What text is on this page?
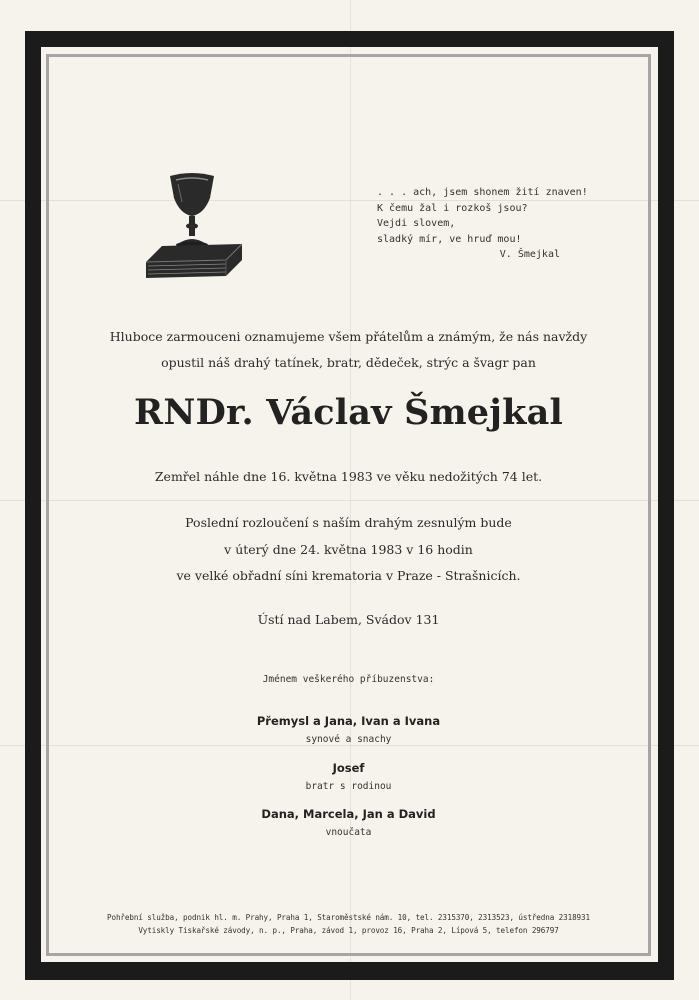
. . . ach, jsem shonem žití znaven!
K čemu žal i rozkoš jsou?
Vejdi slovem,
sladký mír, ve hruď mou!
V. Šmejkal
Hluboce zarmouceni oznamujeme všem přátelům a známým, že nás navždy
opustil náš drahý tatínek, bratr, dědeček, strýc a švagr pan
RNDr. Václav Šmejkal
Zemřel náhle dne 16. května 1983 ve věku nedožitých 74 let.
Poslední rozloučení s naším drahým zesnulým bude
v úterý dne 24. května 1983 v 16 hodin
ve velké obřadní síni krematoria v Praze - Strašnicích.
Ústí nad Labem, Svádov 131
Jménem veškerého příbuzenstva:
Přemysl a Jana, Ivan a Ivana
synové a snachy
Josef
bratr s rodinou
Dana, Marcela, Jan a David
vnoučata
Pohřební služba, podnik hl. m. Prahy, Praha 1, Staroměstské nám. 10, tel. 2315370, 2313523, ústředna 2318931
Vytiskly Tiskařské závody, n. p., Praha, závod 1, provoz 16, Praha 2, Lípová 5, telefon 296797
